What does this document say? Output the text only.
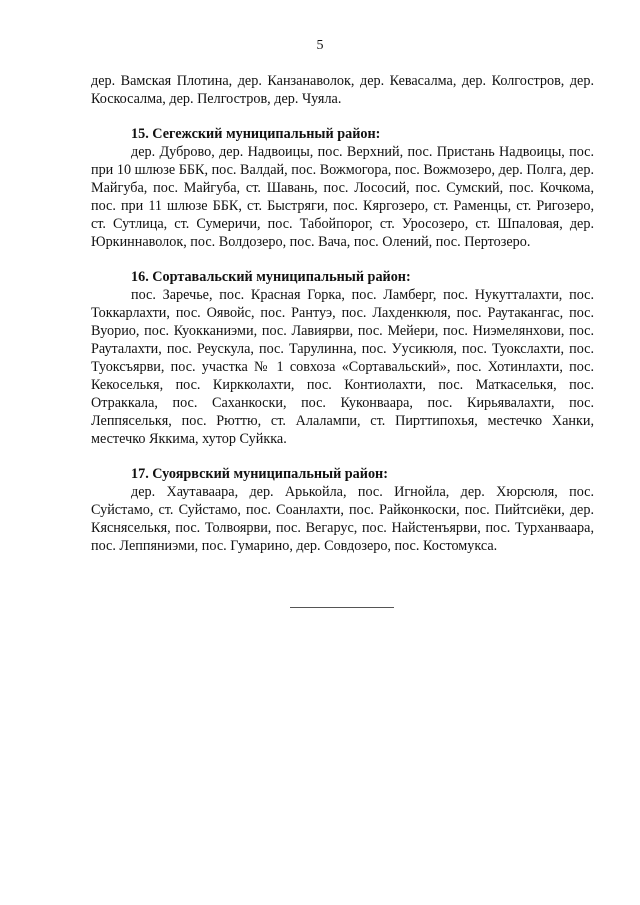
5

дер. Вамская Плотина, дер. Канзанаволок, дер. Кевасалма, дер. Колгостров, дер. Коскосалма, дер. Пелгостров, дер. Чуяла.

15. Сегежский муниципальный район:

дер. Дуброво, дер. Надвоицы, пос. Верхний, пос. Пристань Надвоицы, пос. при 10 шлюзе ББК, пос. Валдай, пос. Вожмогора, пос. Вожмозеро, дер. Полга, дер. Майгуба, пос. Майгуба, ст. Шавань, пос. Лососий, пос. Сумский, пос. Кочкома, пос. при 11 шлюзе ББК, ст. Быстряги, пос. Кяргозеро, ст. Раменцы, ст. Ригозеро, ст. Сутлица, ст. Сумеричи, пос. Табойпорог, ст. Уросозеро, ст. Шпаловая, дер. Юркиннаволок, пос. Волдозеро, пос. Вача, пос. Олений, пос. Пертозеро.

16. Сортавальский муниципальный район:

пос. Заречье, пос. Красная Горка, пос. Ламберг, пос. Нукутталахти, пос. Токкарлахти, пос. Оявойс, пос. Рантуэ, пос. Лахденкюля, пос. Раутакангас, пос. Вуорио, пос. Куокканиэми, пос. Лавиярви, пос. Мейери, пос. Ниэмелянхови, пос. Рауталахти, пос. Реускула, пос. Тарулинна, пос. Ууcикюля, пос. Туокслахти, пос. Туоксъярви, пос. участка № 1 совхоза «Сортавальский», пос. Хотинлахти, пос. Кекоселькя, пос. Киркколахти, пос. Контиолахти, пос. Маткаселькя, пос. Отраккала, пос. Саханкоски, пос. Куконваара, пос. Кирьявалахти, пос. Леппяселькя, пос. Рюттю, ст. Алалампи, ст. Пирттипохья, местечко Ханки, местечко Яккима, хутор Суйкка.

17. Суоярвский муниципальный район:

дер. Хаутаваара, дер. Арькойла, пос. Игнойла, дер. Хюрсюля, пос. Суйстамо, ст. Суйстамо, пос. Соанлахти, пос. Райконкоски, пос. Пийтсиёки, дер. Кясняселькя, пос. Толвоярви, пос. Вегарус, пос. Найстенъярви, пос. Турханваара, пос. Леппяниэми, пос. Гумарино, дер. Совдозеро, пос. Костомукса.
